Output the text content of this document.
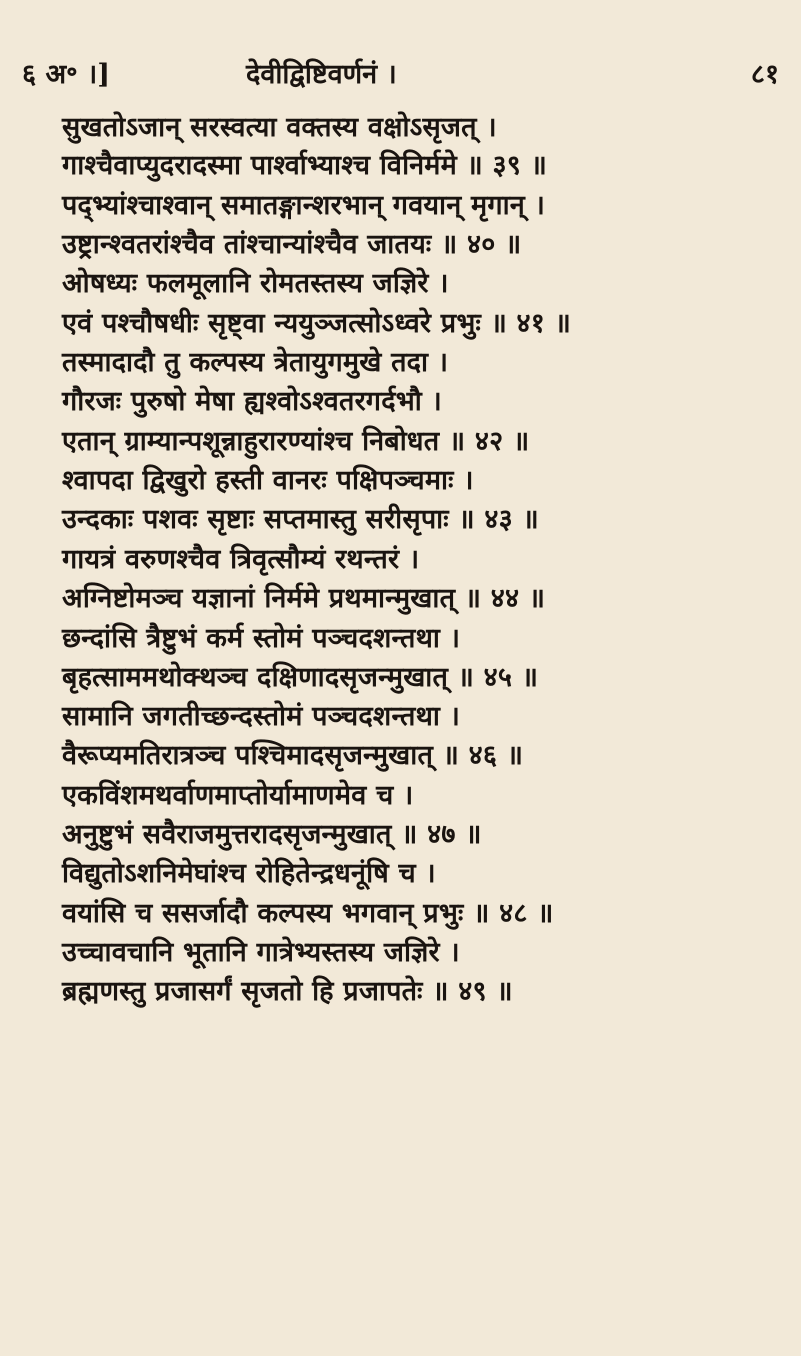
६ अ॰ ।]	देवीद्विष्टिवर्णनं ।	८१
सुखतोऽजान् सरस्वत्या वक्तस्य वक्षोऽसृजत् ।
गाश्चैवाप्युदरादस्मा पार्श्वाभ्याश्च विनिर्ममे ॥ ३९ ॥
पद्भ्यांश्चाश्वान् समातङ्गान्शरभान् गवयान् मृगान् ।
उष्ट्रान्श्वतरांश्चैव तांश्चान्यांश्चैव जातयः ॥ ४० ॥
ओषध्यः फलमूलानि रोमतस्तस्य जज्ञिरे ।
एवं पश्चौषधीः सृष्ट्वा न्ययुञ्जत्सोऽध्वरे प्रभुः ॥ ४१ ॥
तस्मादादौ तु कल्पस्य त्रेतायुगमुखे तदा ।
गौरजः पुरुषो मेषा ह्यश्वोऽश्वतरगर्दभौ ।
एतान् ग्राम्यान्पशून्नाहुरारण्यांश्च निबोधत ॥ ४२ ॥
श्वापदा द्विखुरो हस्ती वानरः पक्षिपञ्चमाः ।
उन्दकाः पशवः सृष्टाः सप्तमास्तु सरीसृपाः ॥ ४३ ॥
गायत्रं वरुणश्चैव त्रिवृत्सौम्यं रथन्तरं ।
अग्निष्टोमञ्च यज्ञानां निर्ममे प्रथमान्मुखात् ॥ ४४ ॥
छन्दांसि त्रैष्टुभं कर्म स्तोमं पञ्चदशन्तथा ।
बृहत्साममथोक्थञ्च दक्षिणादसृजन्मुखात् ॥ ४५ ॥
सामानि जगतीच्छन्दस्तोमं पञ्चदशन्तथा ।
वैरूप्यमतिरात्रञ्च पश्चिमादसृजन्मुखात् ॥ ४६ ॥
एकविंशमथर्वाणमाप्तोर्यामाणमेव च ।
अनुष्टुभं सवैराजमुत्तरादसृजन्मुखात् ॥ ४७ ॥
विद्युतोऽशनिमेघांश्च रोहितेन्द्रधनूंषि च ।
वयांसि च ससर्जादौ कल्पस्य भगवान् प्रभुः ॥ ४८ ॥
उच्चावचानि भूतानि गात्रेभ्यस्तस्य जज्ञिरे ।
ब्रह्मणस्तु प्रजासर्गं सृजतो हि प्रजापतेः ॥ ४९ ॥
